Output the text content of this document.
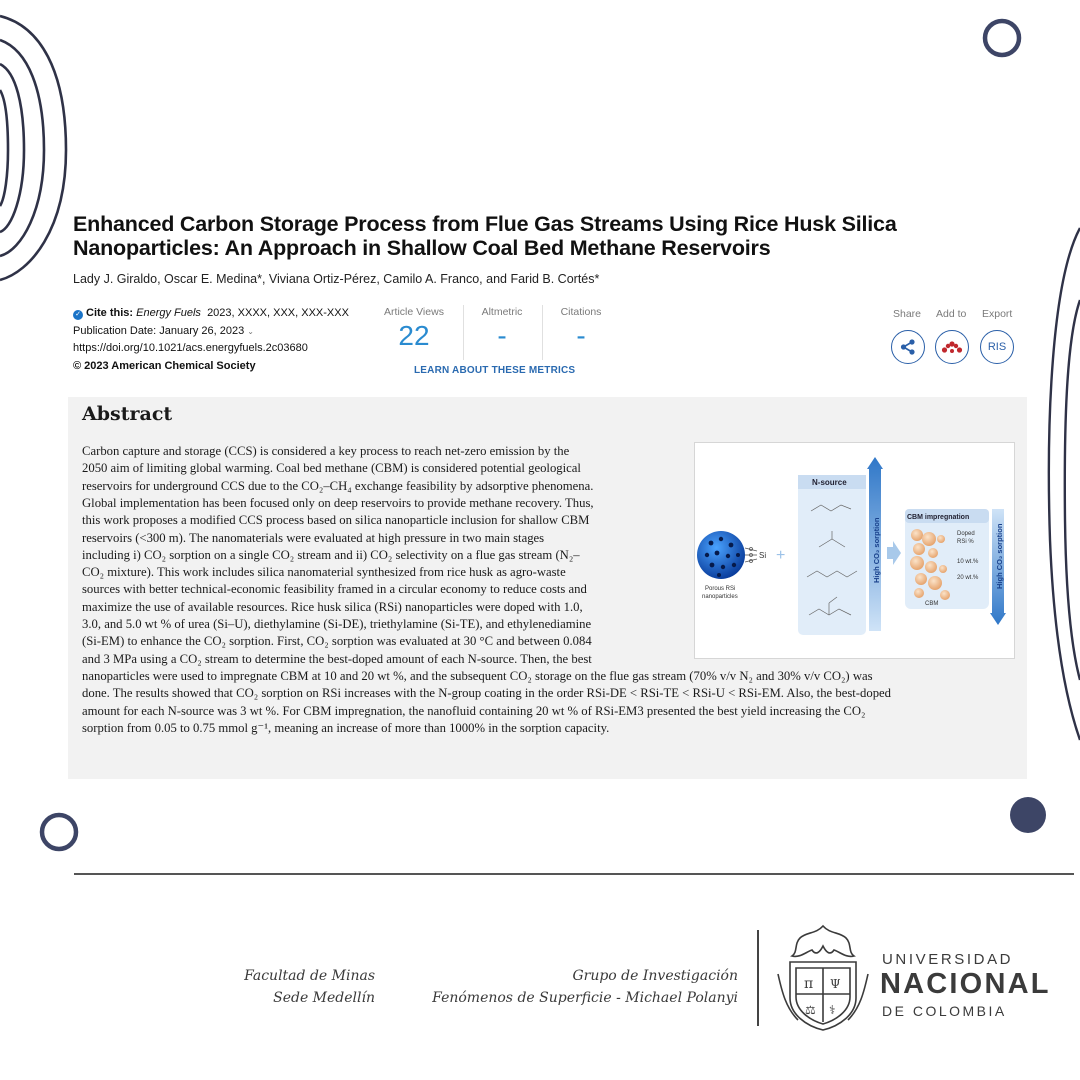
Enhanced Carbon Storage Process from Flue Gas Streams Using Rice Husk Silica
Nanoparticles: An Approach in Shallow Coal Bed Methane Reservoirs
Lady J. Giraldo, Oscar E. Medina*, Viviana Ortiz-Pérez, Camilo A. Franco, and Farid B. Cortés*
✓ Cite this: Energy Fuels 2023, XXXX, XXX, XXX-XXX
Publication Date: January 26, 2023 ⌄
https://doi.org/10.1021/acs.energyfuels.2c03680
© 2023 American Chemical Society
Article Views
22
Altmetric
-
Citations
-
LEARN ABOUT THESE METRICS
Share Add to Export
RIS
Abstract
Carbon capture and storage (CCS) is considered a key process to reach net-zero emission by the
2050 aim of limiting global warming. Coal bed methane (CBM) is considered potential geological
reservoirs for underground CCS due to the CO₂–CH₄ exchange feasibility by adsorptive phenomena.
Global implementation has been focused only on deep reservoirs to provide methane recovery. Thus,
this work proposes a modified CCS process based on silica nanoparticle inclusion for shallow CBM
reservoirs (<300 m). The nanomaterials were evaluated at high pressure in two main stages
including i) CO₂ sorption on a single CO₂ stream and ii) CO₂ selectivity on a flue gas stream (N₂–
CO₂ mixture). This work includes silica nanomaterial synthesized from rice husk as agro-waste
sources with better technical-economic feasibility framed in a circular economy to reduce costs and
maximize the use of available resources. Rice husk silica (RSi) nanoparticles were doped with 1.0,
3.0, and 5.0 wt % of urea (Si–U), diethylamine (Si-DE), triethylamine (Si-TE), and ethylenediamine
(Si-EM) to enhance the CO₂ sorption. First, CO₂ sorption was evaluated at 30 °C and between 0.084
and 3 MPa using a CO₂ stream to determine the best-doped amount of each N-source. Then, the best
nanoparticles were used to impregnate CBM at 10 and 20 wt %, and the subsequent CO₂ storage on the flue gas stream (70% v/v N₂ and 30% v/v CO₂) was
done. The results showed that CO₂ sorption on RSi increases with the N-group coating in the order RSi-DE < RSi-TE < RSi-U < RSi-EM. Also, the best-doped
amount for each N-source was 3 wt %. For CBM impregnation, the nanofluid containing 20 wt % of RSi-EM3 presented the best yield increasing the CO₂
sorption from 0.05 to 0.75 mmol g⁻¹, meaning an increase of more than 1000% in the sorption capacity.
Porous RSi
nanoparticles
Si +
N-source
High CO₂ sorption
CBM impregnation
Doped
RSi %
10 wt.%
20 wt.%
CBM
High CO₂ sorption
Facultad de Minas
Sede Medellín
Grupo de Investigación
Fenómenos de Superficie - Michael Polanyi
π Ψ
⚖ ⚕
UNIVERSIDAD
NACIONAL
DE COLOMBIA
